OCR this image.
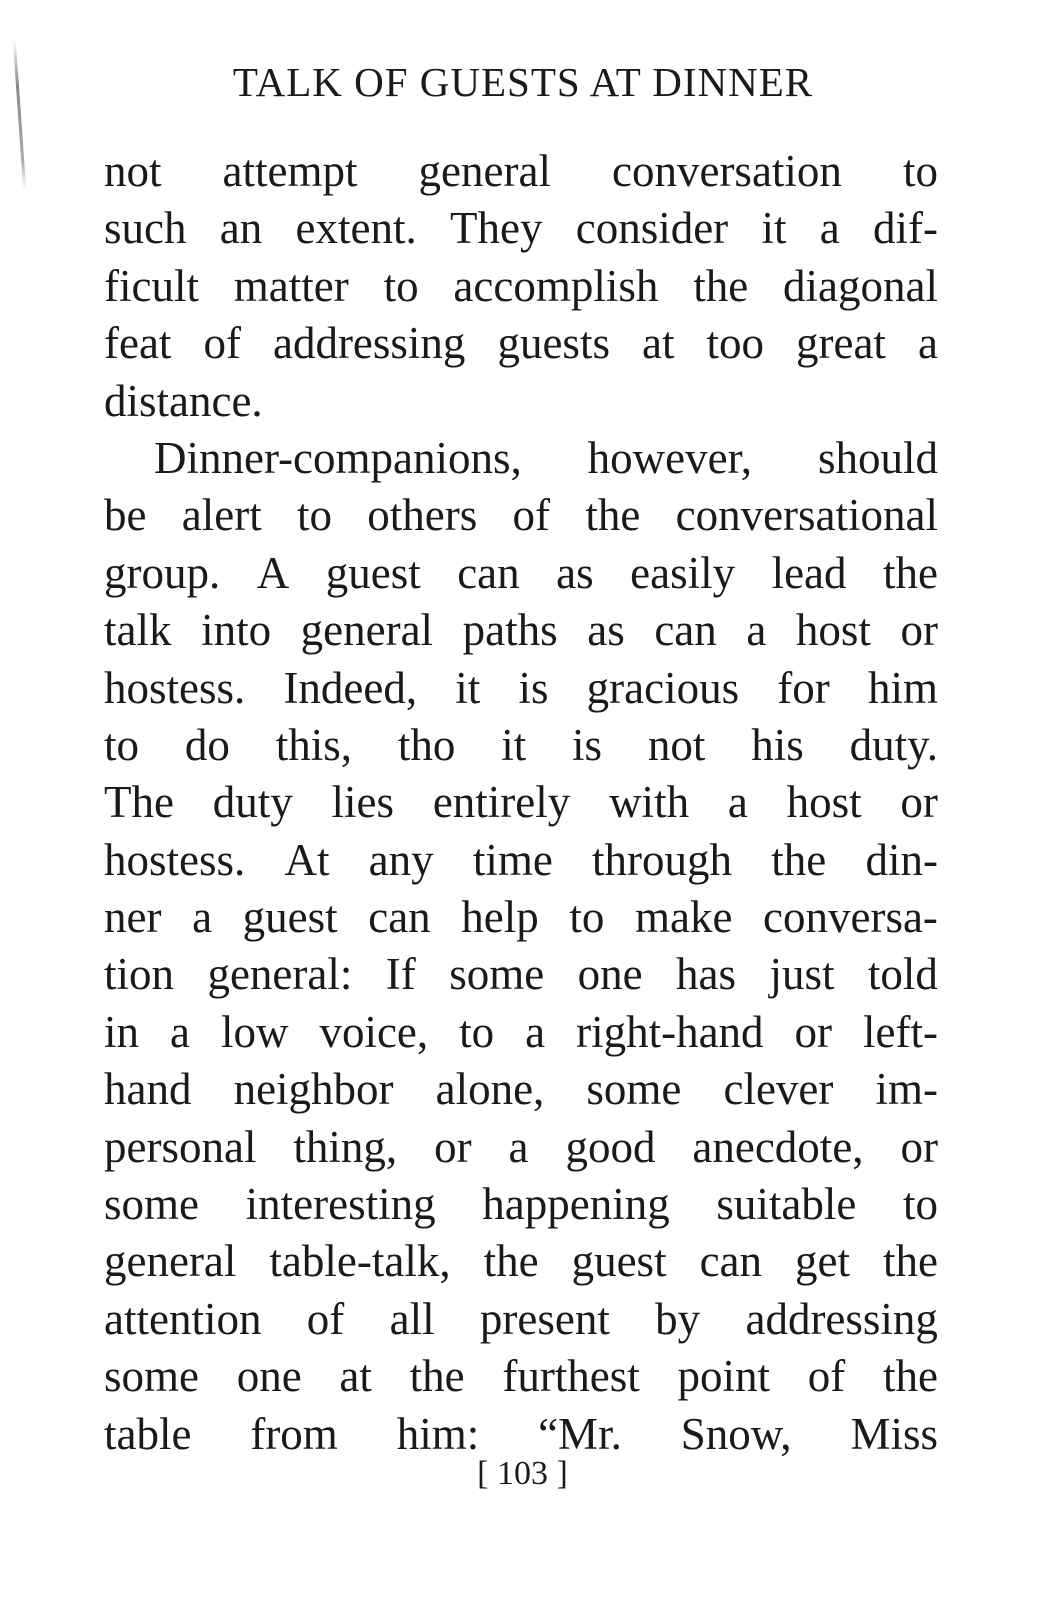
TALK OF GUESTS AT DINNER
not attempt general conversation to
such an extent. They consider it a dif-
ficult matter to accomplish the diagonal
feat of addressing guests at too great a
distance.
Dinner-companions, however, should
be alert to others of the conversational
group. A guest can as easily lead the
talk into general paths as can a host or
hostess. Indeed, it is gracious for him
to do this, tho it is not his duty.
The duty lies entirely with a host or
hostess. At any time through the din-
ner a guest can help to make conversa-
tion general: If some one has just told
in a low voice, to a right-hand or left-
hand neighbor alone, some clever im-
personal thing, or a good anecdote, or
some interesting happening suitable to
general table-talk, the guest can get the
attention of all present by addressing
some one at the furthest point of the
table from him: “Mr. Snow, Miss
[ 103 ]
